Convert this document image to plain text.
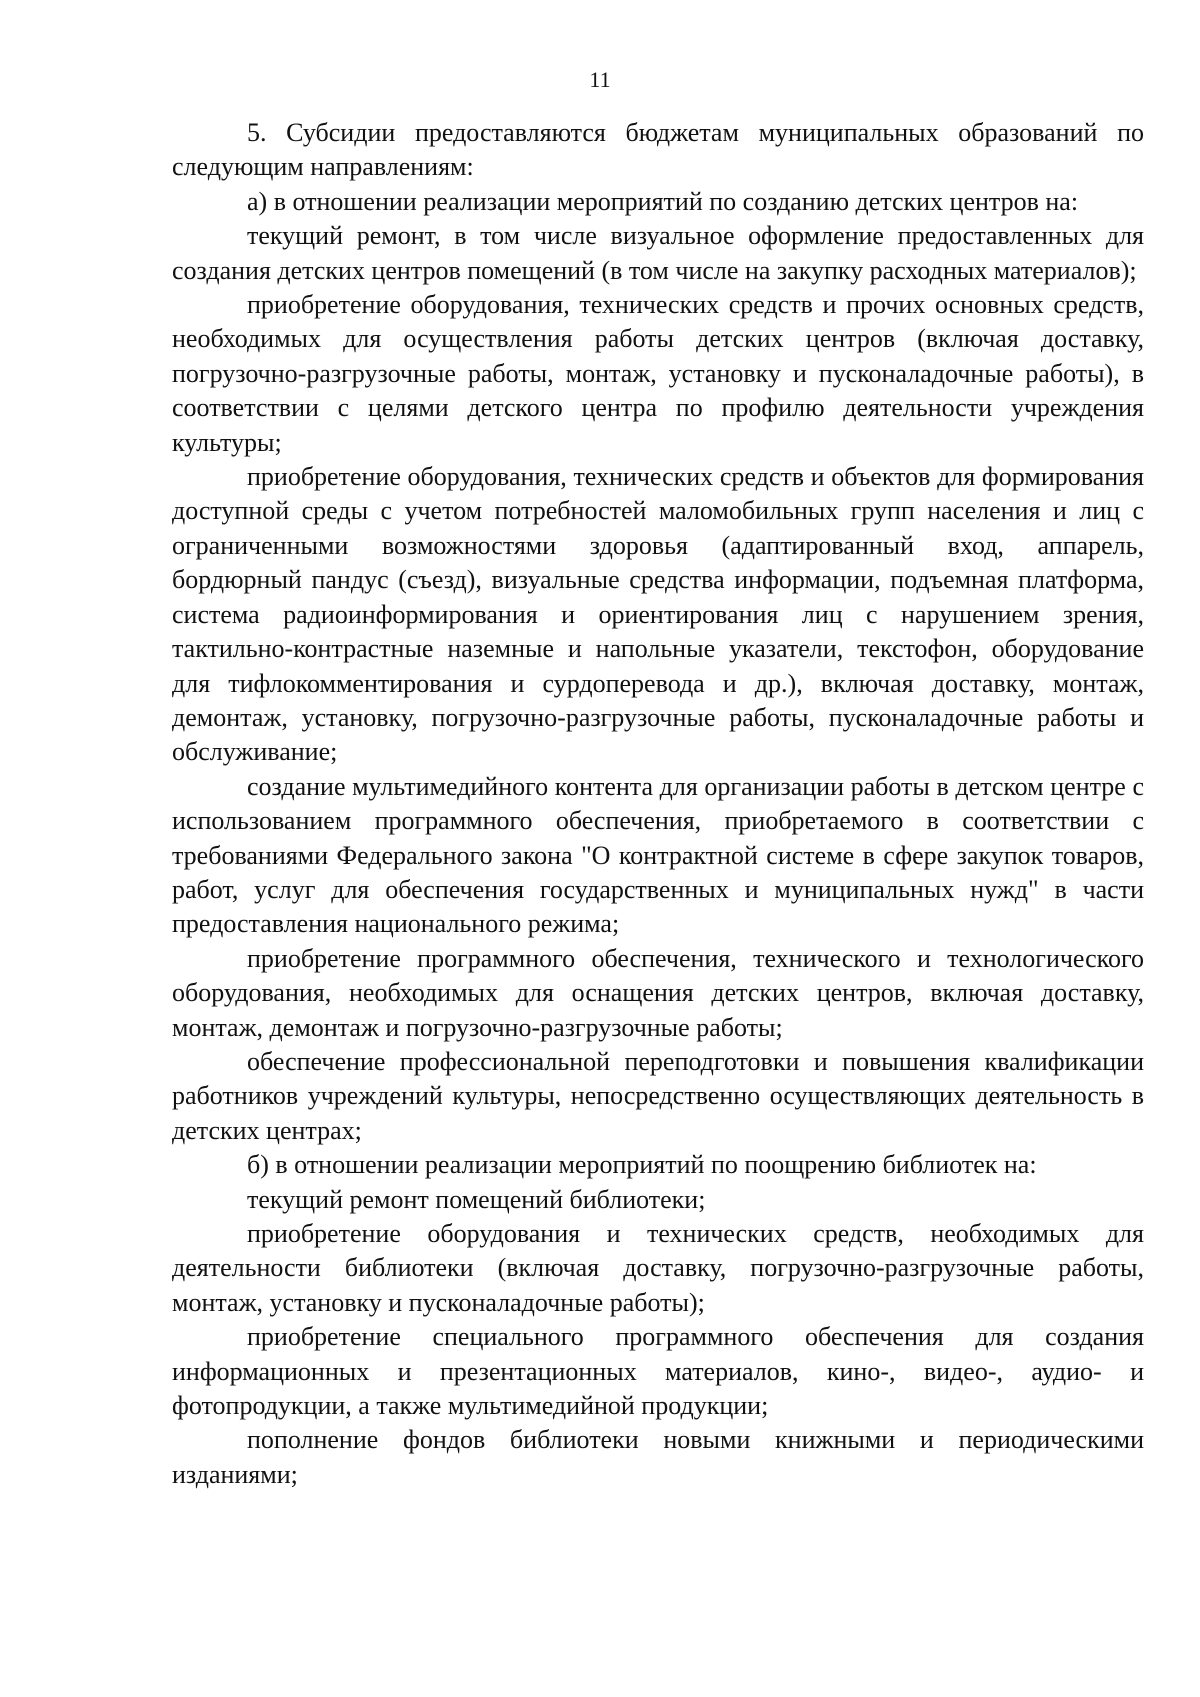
11

5. Субсидии предоставляются бюджетам муниципальных образований по следующим направлениям:

а) в отношении реализации мероприятий по созданию детских центров на:

текущий ремонт, в том числе визуальное оформление предоставленных для создания детских центров помещений (в том числе на закупку расходных материалов);

приобретение оборудования, технических средств и прочих основных средств, необходимых для осуществления работы детских центров (включая доставку, погрузочно-разгрузочные работы, монтаж, установку и пусконаладочные работы), в соответствии с целями детского центра по профилю деятельности учреждения культуры;

приобретение оборудования, технических средств и объектов для формирования доступной среды с учетом потребностей маломобильных групп населения и лиц с ограниченными возможностями здоровья (адаптированный вход, аппарель, бордюрный пандус (съезд), визуальные средства информации, подъемная платформа, система радиоинформирования и ориентирования лиц с нарушением зрения, тактильно-контрастные наземные и напольные указатели, текстофон, оборудование для тифлокомментирования и сурдоперевода и др.), включая доставку, монтаж, демонтаж, установку, погрузочно-разгрузочные работы, пусконаладочные работы и обслуживание;

создание мультимедийного контента для организации работы в детском центре с использованием программного обеспечения, приобретаемого в соответствии с требованиями Федерального закона "О контрактной системе в сфере закупок товаров, работ, услуг для обеспечения государственных и муниципальных нужд" в части предоставления национального режима;

приобретение программного обеспечения, технического и технологического оборудования, необходимых для оснащения детских центров, включая доставку, монтаж, демонтаж и погрузочно-разгрузочные работы;

обеспечение профессиональной переподготовки и повышения квалификации работников учреждений культуры, непосредственно осуществляющих деятельность в детских центрах;

б) в отношении реализации мероприятий по поощрению библиотек на:

текущий ремонт помещений библиотеки;

приобретение оборудования и технических средств, необходимых для деятельности библиотеки (включая доставку, погрузочно-разгрузочные работы, монтаж, установку и пусконаладочные работы);

приобретение специального программного обеспечения для создания информационных и презентационных материалов, кино-, видео-, аудио- и фотопродукции, а также мультимедийной продукции;

пополнение фондов библиотеки новыми книжными и периодическими изданиями;
